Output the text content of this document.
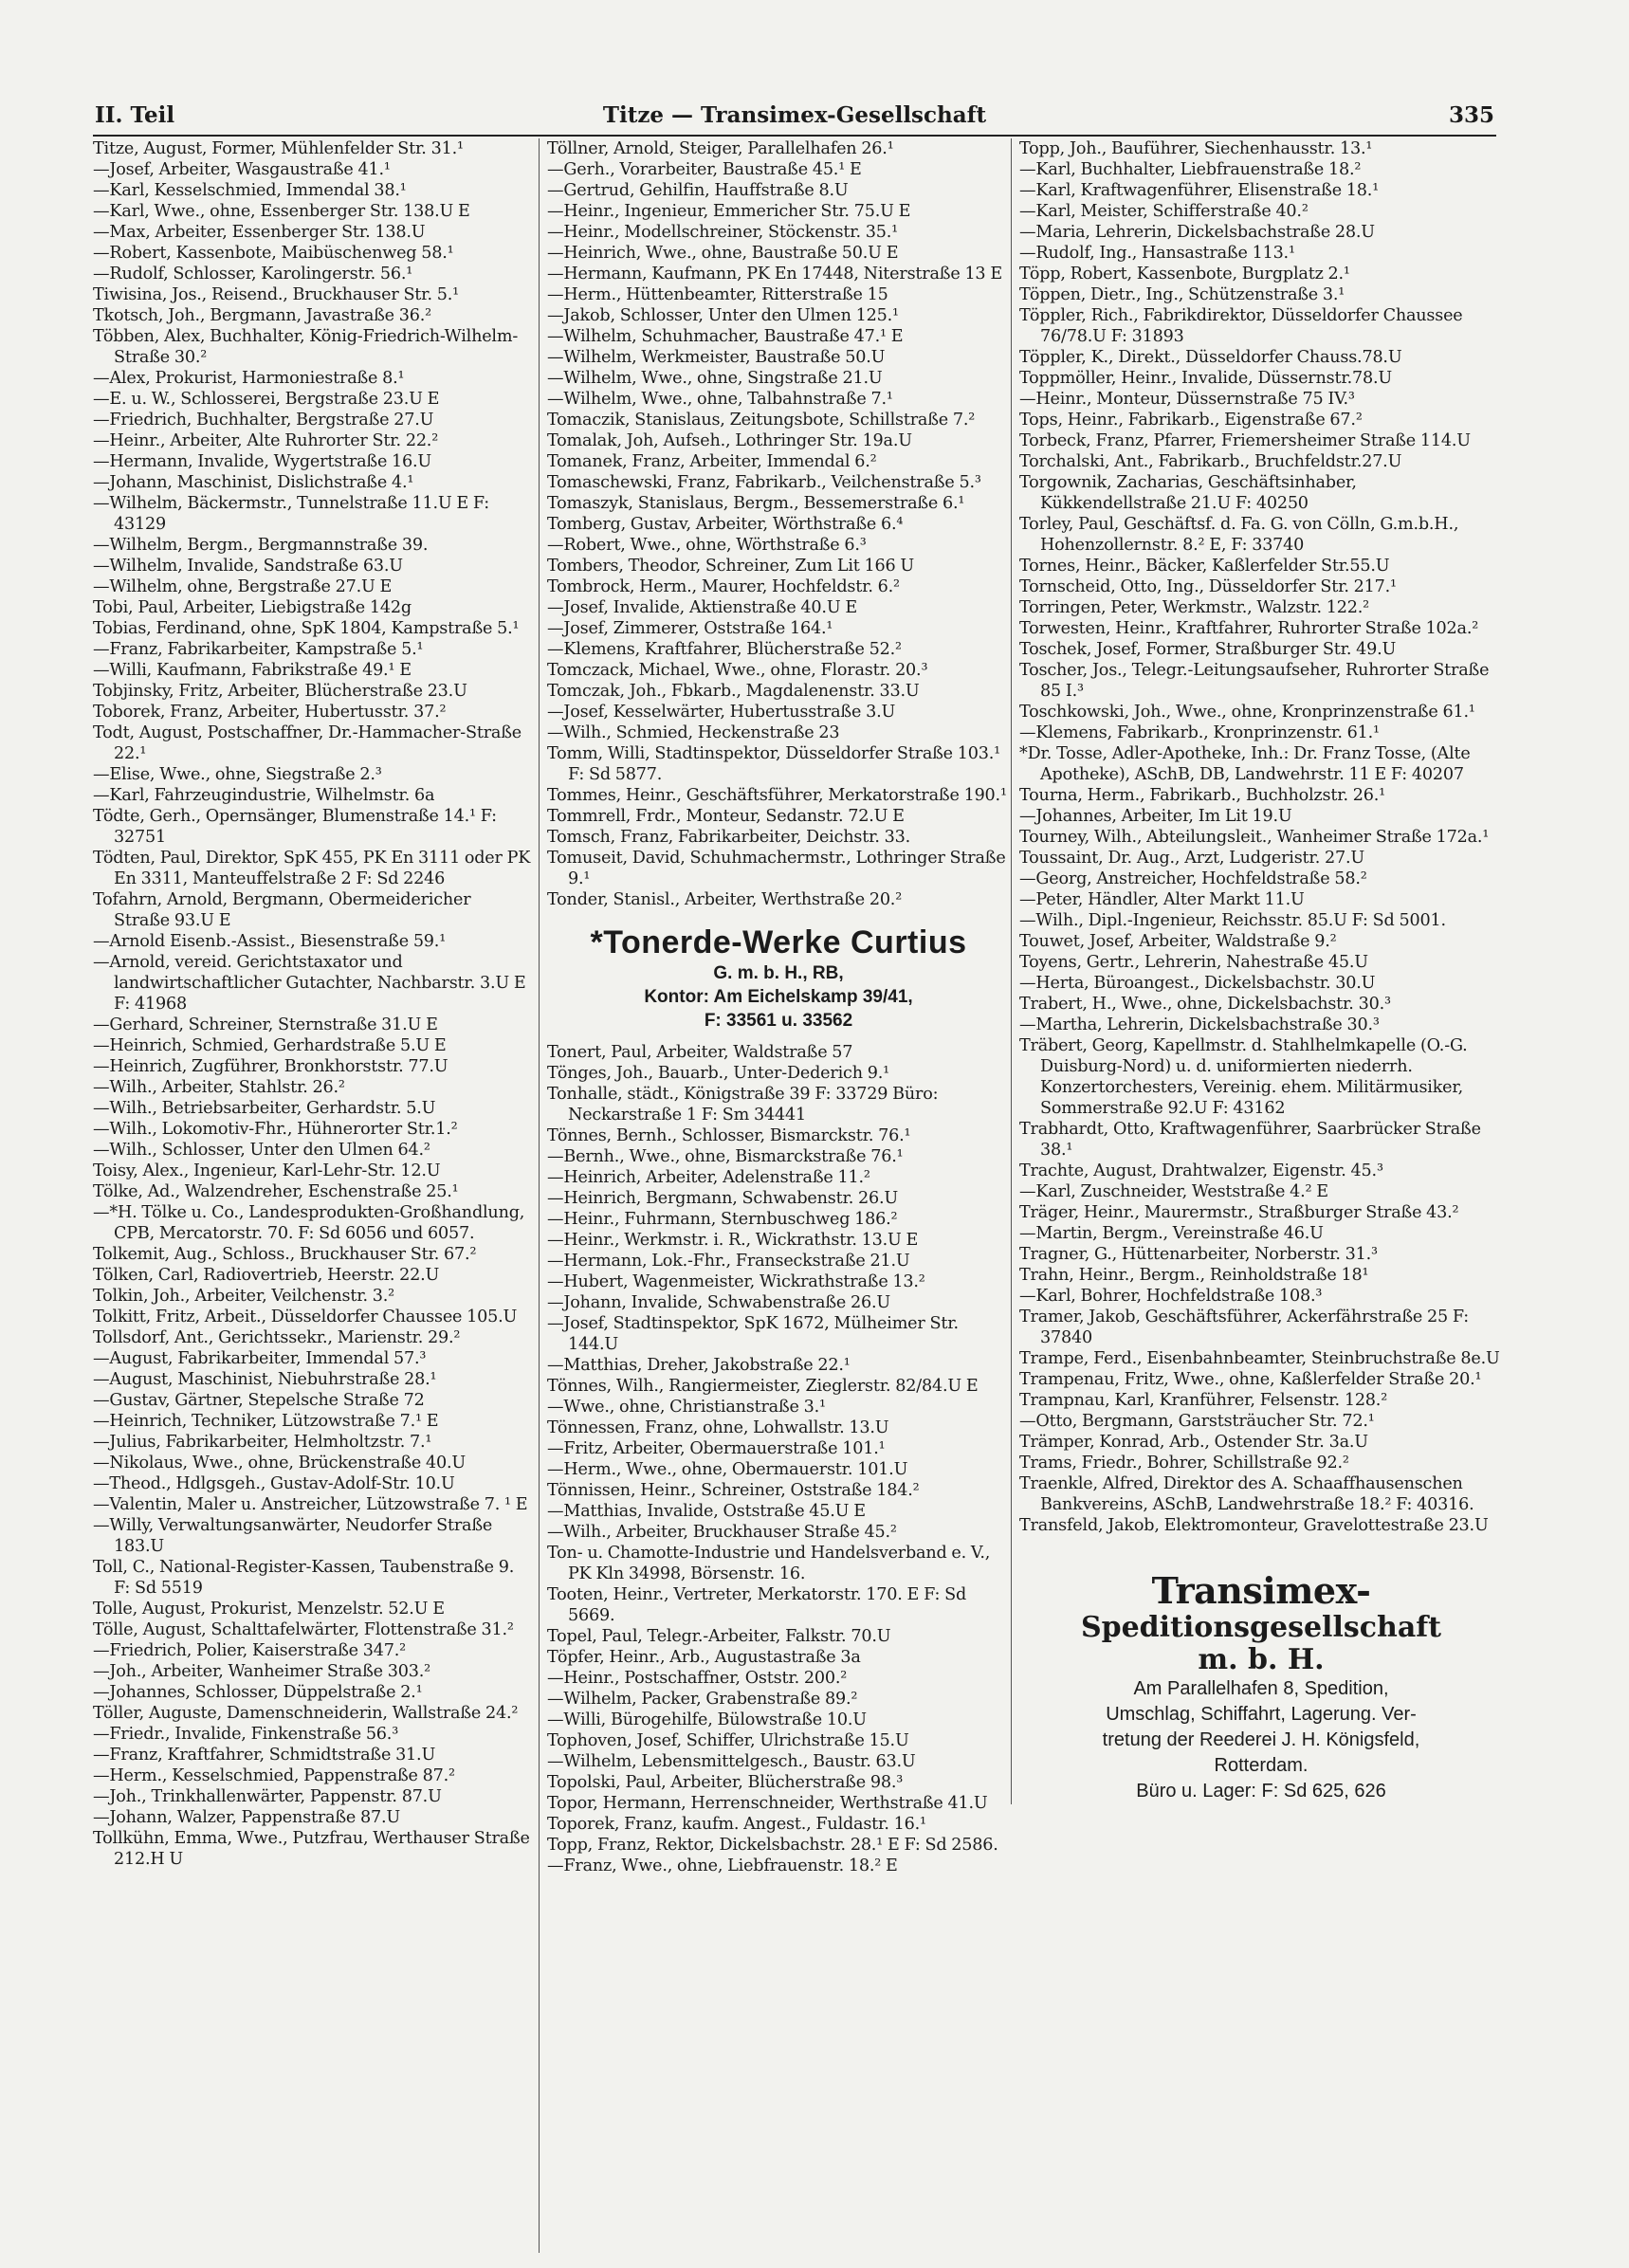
II. Teil	Titze — Transimex-Gesellschaft	335

Titze, August, Former, Mühlenfelder Str. 31.¹

—Josef, Arbeiter, Wasgaustraße 41.¹

—Karl, Kesselschmied, Immendal 38.¹

—Karl, Wwe., ohne, Essenberger Str. 138.U E

—Max, Arbeiter, Essenberger Str. 138.U

—Robert, Kassenbote, Maibüschenweg 58.¹

—Rudolf, Schlosser, Karolingerstr. 56.¹

Tiwisina, Jos., Reisend., Bruckhauser Str. 5.¹

Tkotsch, Joh., Bergmann, Javastraße 36.²

Többen, Alex, Buchhalter, König-Friedrich-Wilhelm-Straße 30.²

—Alex, Prokurist, Harmoniestraße 8.¹

—E. u. W., Schlosserei, Bergstraße 23.U E

—Friedrich, Buchhalter, Bergstraße 27.U

—Heinr., Arbeiter, Alte Ruhrorter Str. 22.²

—Hermann, Invalide, Wygertstraße 16.U

—Johann, Maschinist, Dislichstraße 4.¹

—Wilhelm, Bäckermstr., Tunnelstraße 11.U E F: 43129

—Wilhelm, Bergm., Bergmannstraße 39.

—Wilhelm, Invalide, Sandstraße 63.U

—Wilhelm, ohne, Bergstraße 27.U E

Tobi, Paul, Arbeiter, Liebigstraße 142g

Tobias, Ferdinand, ohne, SpK 1804, Kampstraße 5.¹

—Franz, Fabrikarbeiter, Kampstraße 5.¹

—Willi, Kaufmann, Fabrikstraße 49.¹ E

Tobjinsky, Fritz, Arbeiter, Blücherstraße 23.U

Toborek, Franz, Arbeiter, Hubertusstr. 37.²

Todt, August, Postschaffner, Dr.-Hammacher-Straße 22.¹

—Elise, Wwe., ohne, Siegstraße 2.³

—Karl, Fahrzeugindustrie, Wilhelmstr. 6a

Tödte, Gerh., Opernsänger, Blumenstraße 14.¹ F: 32751

Tödten, Paul, Direktor, SpK 455, PK En 3111 oder PK En 3311, Manteuffelstraße 2 F: Sd 2246

Tofahrn, Arnold, Bergmann, Obermeidericher Straße 93.U E

—Arnold Eisenb.-Assist., Biesenstraße 59.¹

—Arnold, vereid. Gerichtstaxator und landwirtschaftlicher Gutachter, Nachbarstr. 3.U E F: 41968

—Gerhard, Schreiner, Sternstraße 31.U E

—Heinrich, Schmied, Gerhardstraße 5.U E

—Heinrich, Zugführer, Bronkhorststr. 77.U

—Wilh., Arbeiter, Stahlstr. 26.²

—Wilh., Betriebsarbeiter, Gerhardstr. 5.U

—Wilh., Lokomotiv-Fhr., Hühnerorter Str.1.²

—Wilh., Schlosser, Unter den Ulmen 64.²

Toisy, Alex., Ingenieur, Karl-Lehr-Str. 12.U

Tölke, Ad., Walzendreher, Eschenstraße 25.¹

—*H. Tölke u. Co., Landesprodukten-Großhandlung, CPB, Mercatorstr. 70. F: Sd 6056 und 6057.

Tolkemit, Aug., Schloss., Bruckhauser Str. 67.²

Tölken, Carl, Radiovertrieb, Heerstr. 22.U

Tolkin, Joh., Arbeiter, Veilchenstr. 3.²

Tolkitt, Fritz, Arbeit., Düsseldorfer Chaussee 105.U

Tollsdorf, Ant., Gerichtssekr., Marienstr. 29.²

—August, Fabrikarbeiter, Immendal 57.³

—August, Maschinist, Niebuhrstraße 28.¹

—Gustav, Gärtner, Stepelsche Straße 72

—Heinrich, Techniker, Lützowstraße 7.¹ E

—Julius, Fabrikarbeiter, Helmholtzstr. 7.¹

—Nikolaus, Wwe., ohne, Brückenstraße 40.U

—Theod., Hdlgsgeh., Gustav-Adolf-Str. 10.U

—Valentin, Maler u. Anstreicher, Lützowstraße 7. ¹ E

—Willy, Verwaltungsanwärter, Neudorfer Straße 183.U

Toll, C., National-Register-Kassen, Taubenstraße 9. F: Sd 5519

Tolle, August, Prokurist, Menzelstr. 52.U E

Tölle, August, Schalttafelwärter, Flottenstraße 31.²

—Friedrich, Polier, Kaiserstraße 347.²

—Joh., Arbeiter, Wanheimer Straße 303.²

—Johannes, Schlosser, Düppelstraße 2.¹

Töller, Auguste, Damenschneiderin, Wallstraße 24.²

—Friedr., Invalide, Finkenstraße 56.³

—Franz, Kraftfahrer, Schmidtstraße 31.U

—Herm., Kesselschmied, Pappenstraße 87.²

—Joh., Trinkhallenwärter, Pappenstr. 87.U

—Johann, Walzer, Pappenstraße 87.U

Tollkühn, Emma, Wwe., Putzfrau, Werthauser Straße 212.H U

Töllner, Arnold, Steiger, Parallelhafen 26.¹

—Gerh., Vorarbeiter, Baustraße 45.¹ E

—Gertrud, Gehilfin, Hauffstraße 8.U

—Heinr., Ingenieur, Emmericher Str. 75.U E

—Heinr., Modellschreiner, Stöckenstr. 35.¹

—Heinrich, Wwe., ohne, Baustraße 50.U E

—Hermann, Kaufmann, PK En 17448, Niterstraße 13 E

—Herm., Hüttenbeamter, Ritterstraße 15

—Jakob, Schlosser, Unter den Ulmen 125.¹

—Wilhelm, Schuhmacher, Baustraße 47.¹ E

—Wilhelm, Werkmeister, Baustraße 50.U

—Wilhelm, Wwe., ohne, Singstraße 21.U

—Wilhelm, Wwe., ohne, Talbahnstraße 7.¹

Tomaczik, Stanislaus, Zeitungsbote, Schillstraße 7.²

Tomalak, Joh, Aufseh., Lothringer Str. 19a.U

Tomanek, Franz, Arbeiter, Immendal 6.²

Tomaschewski, Franz, Fabrikarb., Veilchenstraße 5.³

Tomaszyk, Stanislaus, Bergm., Bessemerstraße 6.¹

Tomberg, Gustav, Arbeiter, Wörthstraße 6.⁴

—Robert, Wwe., ohne, Wörthstraße 6.³

Tombers, Theodor, Schreiner, Zum Lit 166 U

Tombrock, Herm., Maurer, Hochfeldstr. 6.²

—Josef, Invalide, Aktienstraße 40.U E

—Josef, Zimmerer, Oststraße 164.¹

—Klemens, Kraftfahrer, Blücherstraße 52.²

Tomczack, Michael, Wwe., ohne, Florastr. 20.³

Tomczak, Joh., Fbkarb., Magdalenenstr. 33.U

—Josef, Kesselwärter, Hubertusstraße 3.U

—Wilh., Schmied, Heckenstraße 23

Tomm, Willi, Stadtinspektor, Düsseldorfer Straße 103.¹ F: Sd 5877.

Tommes, Heinr., Geschäftsführer, Merkatorstraße 190.¹

Tommrell, Frdr., Monteur, Sedanstr. 72.U E

Tomsch, Franz, Fabrikarbeiter, Deichstr. 33.

Tomuseit, David, Schuhmachermstr., Lothringer Straße 9.¹

Tonder, Stanisl., Arbeiter, Werthstraße 20.²

*Tonerde-Werke Curtius
G. m. b. H., RB,
Kontor: Am Eichelskamp 39/41,
F: 33561 u. 33562

Tonert, Paul, Arbeiter, Waldstraße 57

Tönges, Joh., Bauarb., Unter-Dederich 9.¹

Tonhalle, städt., Königstraße 39 F: 33729 Büro: Neckarstraße 1 F: Sm 34441

Tönnes, Bernh., Schlosser, Bismarckstr. 76.¹

—Bernh., Wwe., ohne, Bismarckstraße 76.¹

—Heinrich, Arbeiter, Adelenstraße 11.²

—Heinrich, Bergmann, Schwabenstr. 26.U

—Heinr., Fuhrmann, Sternbuschweg 186.²

—Heinr., Werkmstr. i. R., Wickrathstr. 13.U E

—Hermann, Lok.-Fhr., Franseckstraße 21.U

—Hubert, Wagenmeister, Wickrathstraße 13.²

—Johann, Invalide, Schwabenstraße 26.U

—Josef, Stadtinspektor, SpK 1672, Mülheimer Str. 144.U

—Matthias, Dreher, Jakobstraße 22.¹

Tönnes, Wilh., Rangiermeister, Zieglerstr. 82/84.U E

—Wwe., ohne, Christianstraße 3.¹

Tönnessen, Franz, ohne, Lohwallstr. 13.U

—Fritz, Arbeiter, Obermauerstraße 101.¹

—Herm., Wwe., ohne, Obermauerstr. 101.U

Tönnissen, Heinr., Schreiner, Oststraße 184.²

—Matthias, Invalide, Oststraße 45.U E

—Wilh., Arbeiter, Bruckhauser Straße 45.²

Ton- u. Chamotte-Industrie und Handelsverband e. V., PK Kln 34998, Börsenstr. 16.

Tooten, Heinr., Vertreter, Merkatorstr. 170. E F: Sd 5669.

Topel, Paul, Telegr.-Arbeiter, Falkstr. 70.U

Töpfer, Heinr., Arb., Augustastraße 3a

—Heinr., Postschaffner, Oststr. 200.²

—Wilhelm, Packer, Grabenstraße 89.²

—Willi, Bürogehilfe, Bülowstraße 10.U

Tophoven, Josef, Schiffer, Ulrichstraße 15.U

—Wilhelm, Lebensmittelgesch., Baustr. 63.U

Topolski, Paul, Arbeiter, Blücherstraße 98.³

Topor, Hermann, Herrenschneider, Werthstraße 41.U

Toporek, Franz, kaufm. Angest., Fuldastr. 16.¹

Topp, Franz, Rektor, Dickelsbachstr. 28.¹ E F: Sd 2586.

—Franz, Wwe., ohne, Liebfrauenstr. 18.² E

Topp, Joh., Bauführer, Siechenhausstr. 13.¹

—Karl, Buchhalter, Liebfrauenstraße 18.²

—Karl, Kraftwagenführer, Elisenstraße 18.¹

—Karl, Meister, Schifferstraße 40.²

—Maria, Lehrerin, Dickelsbachstraße 28.U

—Rudolf, Ing., Hansastraße 113.¹

Töpp, Robert, Kassenbote, Burgplatz 2.¹

Töppen, Dietr., Ing., Schützenstraße 3.¹

Töppler, Rich., Fabrikdirektor, Düsseldorfer Chaussee 76/78.U F: 31893

Töppler, K., Direkt., Düsseldorfer Chauss.78.U

Toppmöller, Heinr., Invalide, Düssernstr.78.U

—Heinr., Monteur, Düssernstraße 75 IV.³

Tops, Heinr., Fabrikarb., Eigenstraße 67.²

Torbeck, Franz, Pfarrer, Friemersheimer Straße 114.U

Torchalski, Ant., Fabrikarb., Bruchfeldstr.27.U

Torgownik, Zacharias, Geschäftsinhaber, Kükkendellstraße 21.U F: 40250

Torley, Paul, Geschäftsf. d. Fa. G. von Cölln, G.m.b.H., Hohenzollernstr. 8.² E, F: 33740

Tornes, Heinr., Bäcker, Kaßlerfelder Str.55.U

Tornscheid, Otto, Ing., Düsseldorfer Str. 217.¹

Torringen, Peter, Werkmstr., Walzstr. 122.²

Torwesten, Heinr., Kraftfahrer, Ruhrorter Straße 102a.²

Toschek, Josef, Former, Straßburger Str. 49.U

Toscher, Jos., Telegr.-Leitungsaufseher, Ruhrorter Straße 85 I.³

Toschkowski, Joh., Wwe., ohne, Kronprinzenstraße 61.¹

—Klemens, Fabrikarb., Kronprinzenstr. 61.¹

*Dr. Tosse, Adler-Apotheke, Inh.: Dr. Franz Tosse, (Alte Apotheke), ASchB, DB, Landwehrstr. 11 E F: 40207

Tourna, Herm., Fabrikarb., Buchholzstr. 26.¹

—Johannes, Arbeiter, Im Lit 19.U

Tourney, Wilh., Abteilungsleit., Wanheimer Straße 172a.¹

Toussaint, Dr. Aug., Arzt, Ludgeristr. 27.U

—Georg, Anstreicher, Hochfeldstraße 58.²

—Peter, Händler, Alter Markt 11.U

—Wilh., Dipl.-Ingenieur, Reichsstr. 85.U F: Sd 5001.

Touwet, Josef, Arbeiter, Waldstraße 9.²

Toyens, Gertr., Lehrerin, Nahestraße 45.U

—Herta, Büroangest., Dickelsbachstr. 30.U

Trabert, H., Wwe., ohne, Dickelsbachstr. 30.³

—Martha, Lehrerin, Dickelsbachstraße 30.³

Träbert, Georg, Kapellmstr. d. Stahlhelmkapelle (O.-G. Duisburg-Nord) u. d. uniformierten niederrh. Konzertorchesters, Vereinig. ehem. Militärmusiker, Sommerstraße 92.U F: 43162

Trabhardt, Otto, Kraftwagenführer, Saarbrücker Straße 38.¹

Trachte, August, Drahtwalzer, Eigenstr. 45.³

—Karl, Zuschneider, Weststraße 4.² E

Träger, Heinr., Maurermstr., Straßburger Straße 43.²

—Martin, Bergm., Vereinstraße 46.U

Tragner, G., Hüttenarbeiter, Norberstr. 31.³

Trahn, Heinr., Bergm., Reinholdstraße 18¹

—Karl, Bohrer, Hochfeldstraße 108.³

Tramer, Jakob, Geschäftsführer, Ackerfährstraße 25 F: 37840

Trampe, Ferd., Eisenbahnbeamter, Steinbruchstraße 8e.U

Trampenau, Fritz, Wwe., ohne, Kaßlerfelder Straße 20.¹

Trampnau, Karl, Kranführer, Felsenstr. 128.²

—Otto, Bergmann, Garststräucher Str. 72.¹

Trämper, Konrad, Arb., Ostender Str. 3a.U

Trams, Friedr., Bohrer, Schillstraße 92.²

Traenkle, Alfred, Direktor des A. Schaaffhausenschen Bankvereins, ASchB, Landwehrstraße 18.² F: 40316.

Transfeld, Jakob, Elektromonteur, Gravelottestraße 23.U

Transimex-
Speditionsgesellschaft
m. b. H.
Am Parallelhafen 8, Spedition,
Umschlag, Schiffahrt, Lagerung. Ver-
tretung der Reederei J. H. Königsfeld,
Rotterdam.
Büro u. Lager: F: Sd 625, 626
